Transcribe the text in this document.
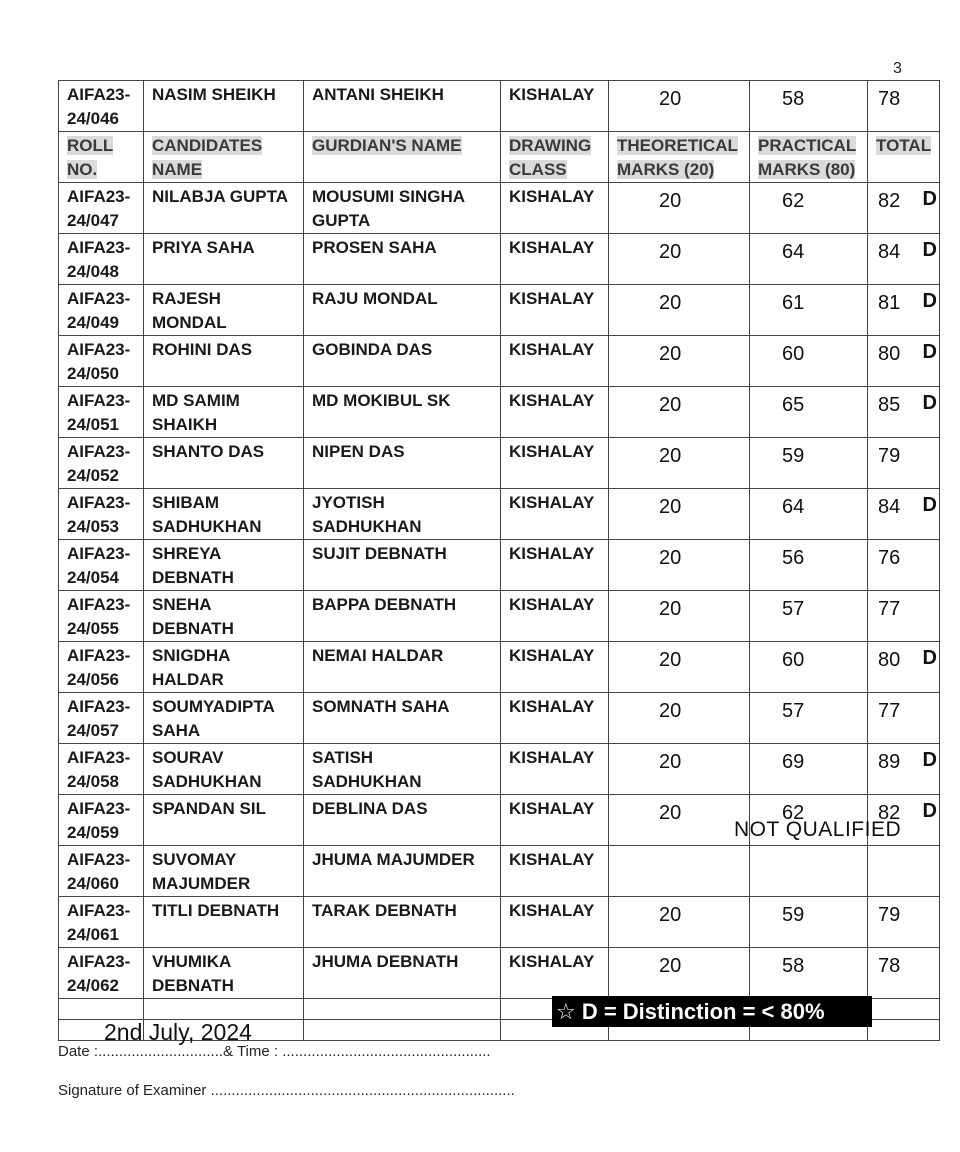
3
AIFA23-
24/046	NASIM SHEIKH	ANTANI SHEIKH	KISHALAY	20	58	78

ROLL
NO.	CANDIDATES
NAME	GURDIAN'S NAME	DRAWING
CLASS	THEORETICAL
MARKS (20)	PRACTICAL
MARKS (80)	TOTAL
AIFA23-
24/047	NILABJA GUPTA	MOUSUMI SINGHA
GUPTA	KISHALAY	20	62	82 D

AIFA23-
24/048	PRIYA SAHA	PROSEN SAHA	KISHALAY	20	64	84 D

AIFA23-
24/049	RAJESH
MONDAL	RAJU MONDAL	KISHALAY	20	61	81 D

AIFA23-
24/050	ROHINI DAS	GOBINDA DAS	KISHALAY	20	60	80 D

AIFA23-
24/051	MD SAMIM
SHAIKH	MD MOKIBUL SK	KISHALAY	20	65	85 D

AIFA23-
24/052	SHANTO DAS	NIPEN DAS	KISHALAY	20	59	79

AIFA23-
24/053	SHIBAM
SADHUKHAN	JYOTISH
SADHUKHAN	KISHALAY	20	64	84 D

AIFA23-
24/054	SHREYA
DEBNATH	SUJIT DEBNATH	KISHALAY	20	56	76

AIFA23-
24/055	SNEHA
DEBNATH	BAPPA DEBNATH	KISHALAY	20	57	77

AIFA23-
24/056	SNIGDHA
HALDAR	NEMAI HALDAR	KISHALAY	20	60	80 D

AIFA23-
24/057	SOUMYADIPTA
SAHA	SOMNATH SAHA	KISHALAY	20	57	77

AIFA23-
24/058	SOURAV
SADHUKHAN	SATISH
SADHUKHAN	KISHALAY	20	69	89 D

AIFA23-
24/059	SPANDAN SIL	DEBLINA DAS	KISHALAY	20	62	82 D

AIFA23-
24/060	SUVOMAY
MAJUMDER	JHUMA MAJUMDER	KISHALAY			

AIFA23-
24/061	TITLI DEBNATH	TARAK DEBNATH	KISHALAY	20	59	79

AIFA23-
24/062	VHUMIKA
DEBNATH	JHUMA DEBNATH	KISHALAY	20	58	78

NOT QUALIFIED
☆ D = Distinction = < 80%
2nd July, 2024
Date :..............................& Time : ..................................................
Signature of Examiner .........................................................................
